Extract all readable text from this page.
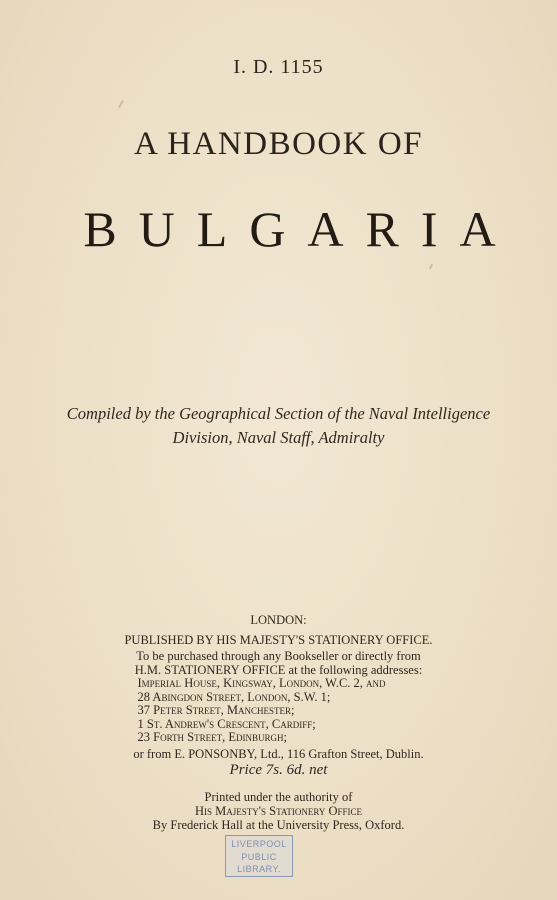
I. D. 1155
A HANDBOOK OF
BULGARIA
Compiled by the Geographical Section of the Naval Intelligence
Division, Naval Staff, Admiralty
LONDON:
PUBLISHED BY HIS MAJESTY'S STATIONERY OFFICE.
To be purchased through any Bookseller or directly from
H.M. STATIONERY OFFICE at the following addresses:
Imperial House, Kingsway, London, W.C. 2, and
28 Abingdon Street, London, S.W. 1;
37 Peter Street, Manchester;
1 St. Andrew's Crescent, Cardiff;
23 Forth Street, Edinburgh;
or from E. PONSONBY, Ltd., 116 Grafton Street, Dublin.
Price 7s. 6d. net
Printed under the authority of
His Majesty's Stationery Office
By Frederick Hall at the University Press, Oxford.
LIVERPOOL
PUBLIC
LIBRARY.
